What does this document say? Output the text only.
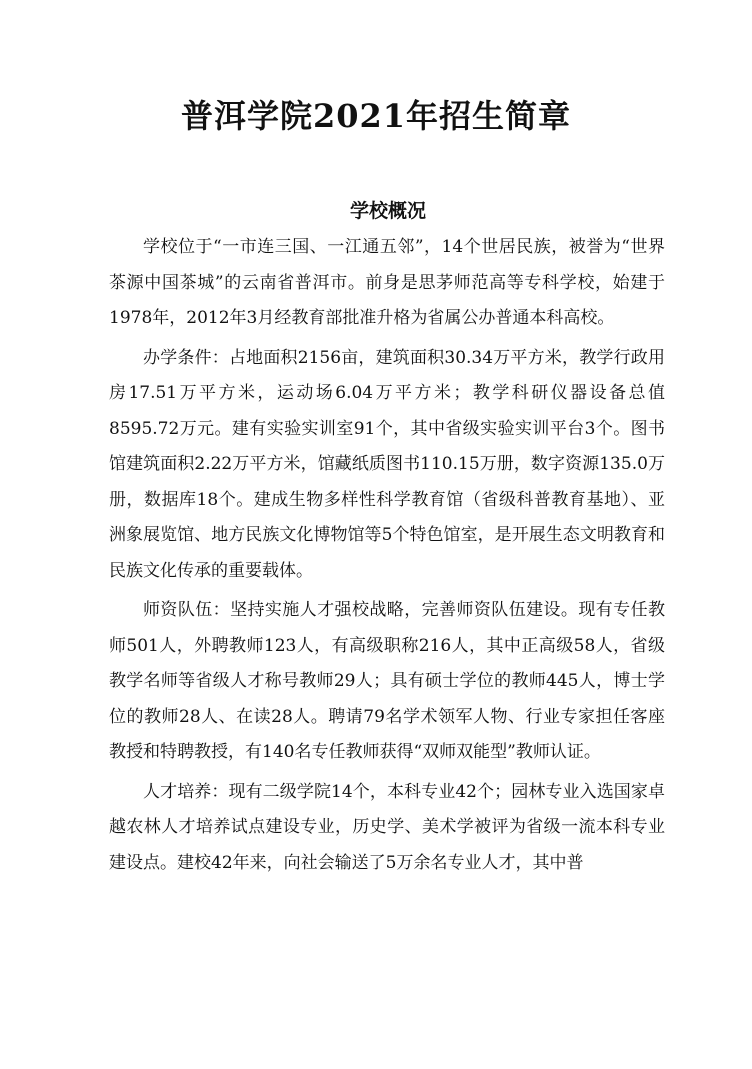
普洱学院2021年招生简章
学校概况

学校位于“一市连三国、一江通五邻”，14个世居民族，被誉为“世界茶源中国茶城”的云南省普洱市。前身是思茅师范高等专科学校，始建于1978年，2012年3月经教育部批准升格为省属公办普通本科高校。

办学条件：占地面积2156亩，建筑面积30.34万平方米，教学行政用房17.51万平方米，运动场6.04万平方米；教学科研仪器设备总值8595.72万元。建有实验实训室91个，其中省级实验实训平台3个。图书馆建筑面积2.22万平方米，馆藏纸质图书110.15万册，数字资源135.0万册，数据库18个。建成生物多样性科学教育馆（省级科普教育基地）、亚洲象展览馆、地方民族文化博物馆等5个特色馆室，是开展生态文明教育和民族文化传承的重要载体。

师资队伍：坚持实施人才强校战略，完善师资队伍建设。现有专任教师501人，外聘教师123人，有高级职称216人，其中正高级58人，省级教学名师等省级人才称号教师29人；具有硕士学位的教师445人，博士学位的教师28人、在读28人。聘请79名学术领军人物、行业专家担任客座教授和特聘教授，有140名专任教师获得“双师双能型”教师认证。

人才培养：现有二级学院14个，本科专业42个；园林专业入选国家卓越农林人才培养试点建设专业，历史学、美术学被评为省级一流本科专业建设点。建校42年来，向社会输送了5万余名专业人才，其中普
